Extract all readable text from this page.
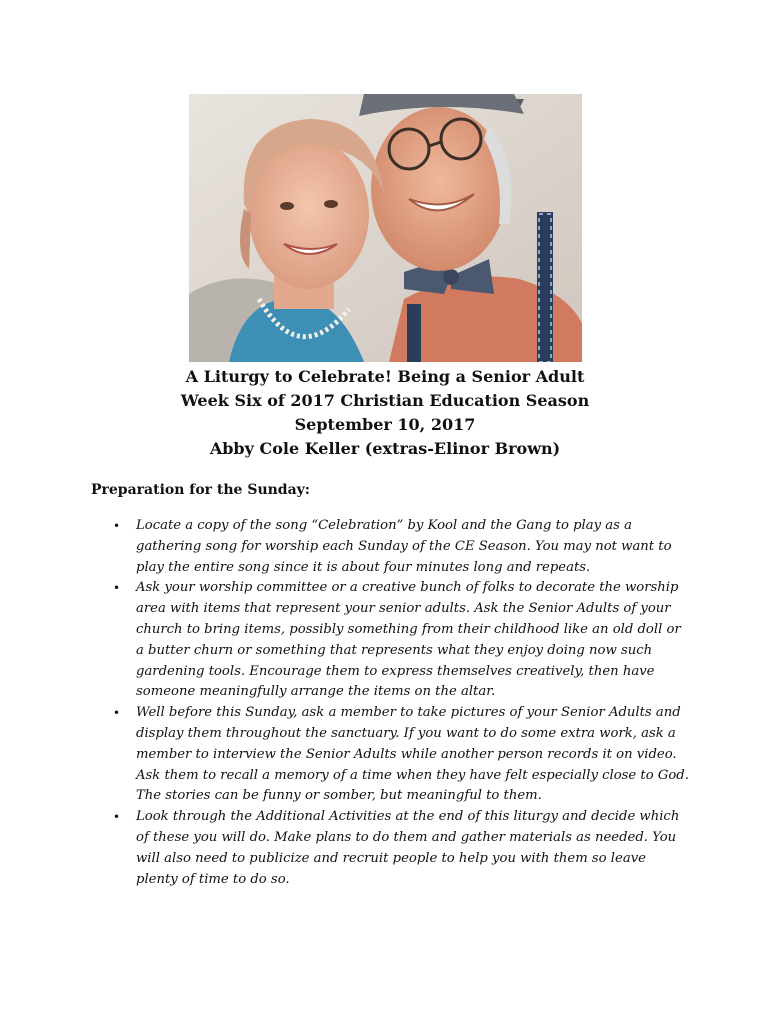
A Liturgy to Celebrate! Being a Senior Adult

Week Six of 2017 Christian Education Season

September 10, 2017

Abby Cole Keller (extras-Elinor Brown)

Preparation for the Sunday:

• Locate a copy of the song “Celebration” by Kool and the Gang to play as a gathering song for worship each Sunday of the CE Season. You may not want to play the entire song since it is about four minutes long and repeats.
• Ask your worship committee or a creative bunch of folks to decorate the worship area with items that represent your senior adults. Ask the Senior Adults of your church to bring items, possibly something from their childhood like an old doll or a butter churn or something that represents what they enjoy doing now such gardening tools. Encourage them to express themselves creatively, then have someone meaningfully arrange the items on the altar.
• Well before this Sunday, ask a member to take pictures of your Senior Adults and display them throughout the sanctuary. If you want to do some extra work, ask a member to interview the Senior Adults while another person records it on video. Ask them to recall a memory of a time when they have felt especially close to God. The stories can be funny or somber, but meaningful to them.
• Look through the Additional Activities at the end of this liturgy and decide which of these you will do. Make plans to do them and gather materials as needed. You will also need to publicize and recruit people to help you with them so leave plenty of time to do so.
